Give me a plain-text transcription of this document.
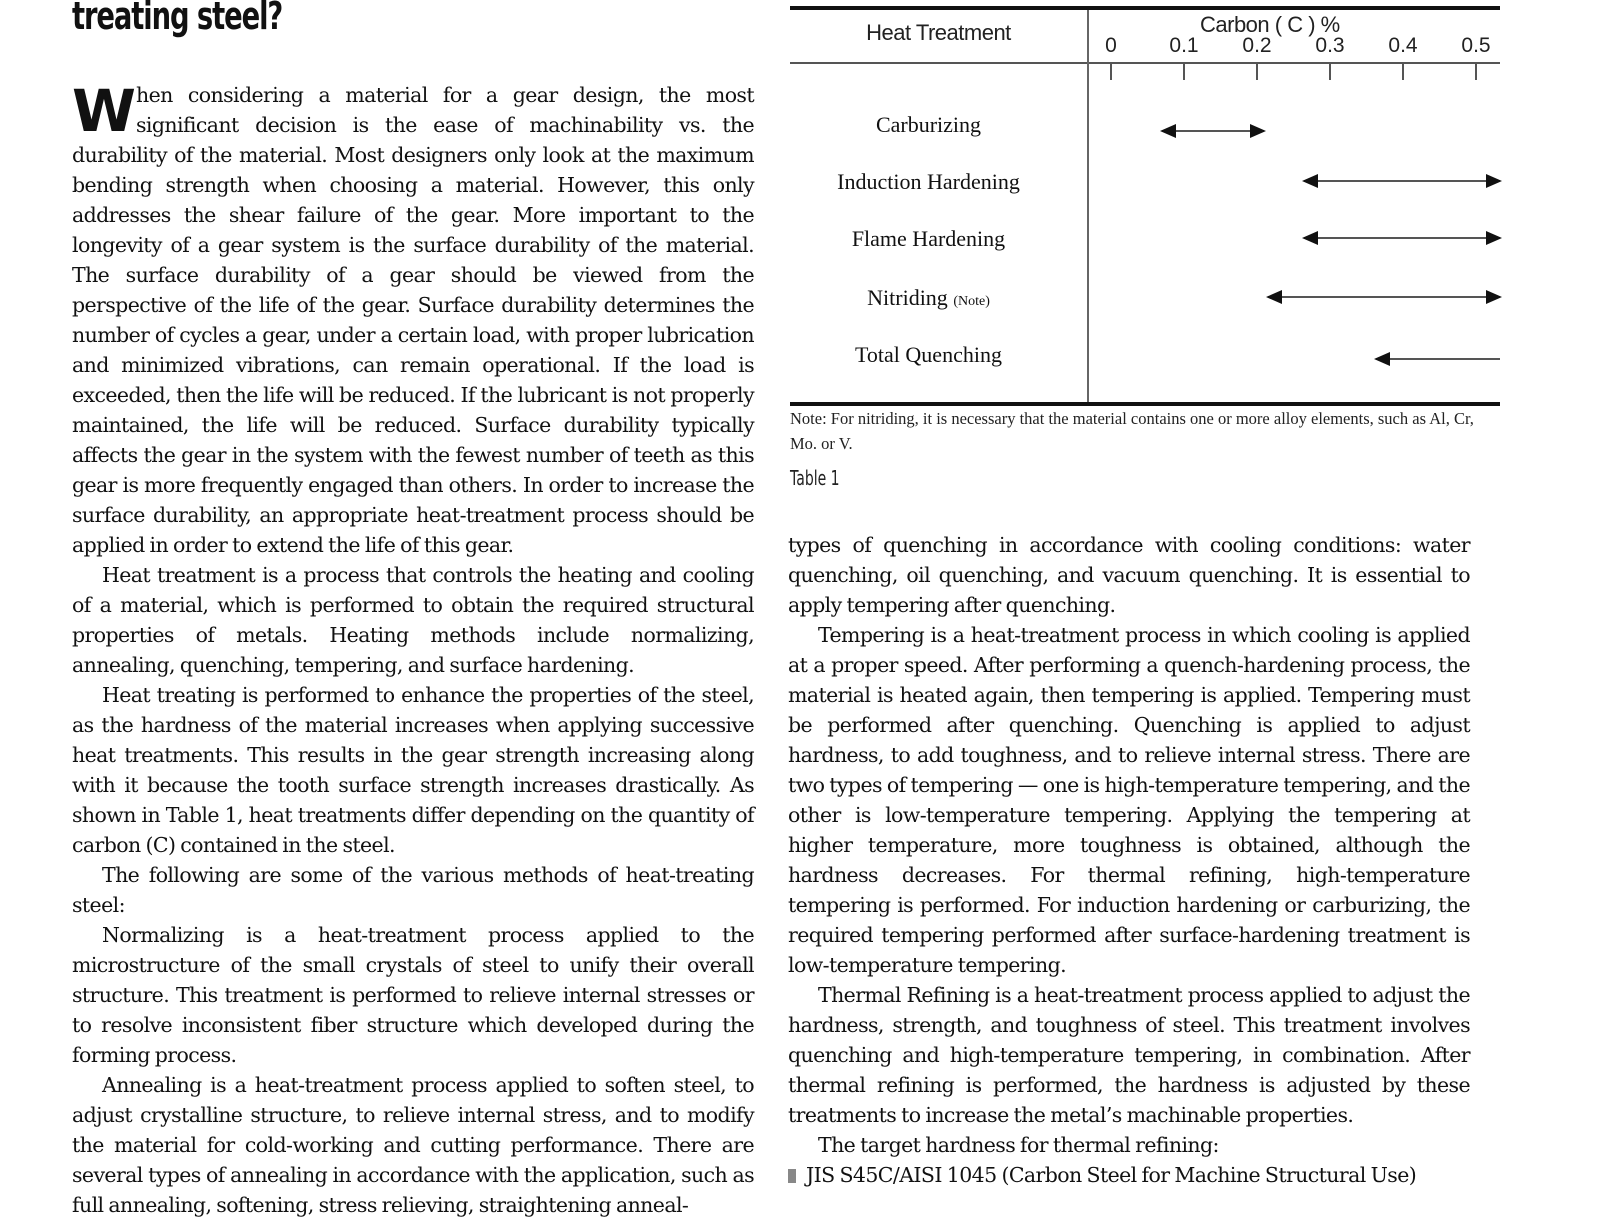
treating steel?

When considering a material for a gear design, the most significant decision is the ease of machinability vs. the durability of the material. Most designers only look at the maximum bending strength when choosing a material. However, this only addresses the shear failure of the gear. More important to the longevity of a gear system is the surface durability of the material. The surface durability of a gear should be viewed from the perspective of the life of the gear. Surface durability determines the number of cycles a gear, under a certain load, with proper lubrication and minimized vibrations, can remain operational. If the load is exceeded, then the life will be reduced. If the lubricant is not properly maintained, the life will be reduced. Surface durability typically affects the gear in the system with the fewest number of teeth as this gear is more frequently engaged than others. In order to increase the surface durability, an appropriate heat-treatment process should be applied in order to extend the life of this gear.

Heat treatment is a process that controls the heating and cooling of a material, which is performed to obtain the required structural properties of metals. Heating methods include normalizing, annealing, quenching, tempering, and surface hardening.

Heat treating is performed to enhance the properties of the steel, as the hardness of the material increases when applying successive heat treatments. This results in the gear strength increasing along with it because the tooth surface strength increases drastically. As shown in Table 1, heat treatments differ depending on the quantity of carbon (C) contained in the steel.

The following are some of the various methods of heat-treating steel:

Normalizing is a heat-treatment process applied to the microstructure of the small crystals of steel to unify their overall structure. This treatment is performed to relieve internal stresses or to resolve inconsistent fiber structure which developed during the forming process.

Annealing is a heat-treatment process applied to soften steel, to adjust crystalline structure, to relieve internal stress, and to modify the material for cold-working and cutting performance. There are several types of annealing in accordance with the application, such as full annealing, softening, stress relieving, straightening anneal-

Heat Treatment	Carbon ( C ) %
0	0.1 0.2 0.3 0.4 0.5
Carburizing
Induction Hardening
Flame Hardening
Nitriding (Note)
Total Quenching
Note: For nitriding, it is necessary that the material contains one or more alloy elements, such as Al, Cr, Mo. or V.
Table 1

types of quenching in accordance with cooling conditions: water quenching, oil quenching, and vacuum quenching. It is essential to apply tempering after quenching.

Tempering is a heat-treatment process in which cooling is applied at a proper speed. After performing a quench-hardening process, the material is heated again, then tempering is applied. Tempering must be performed after quenching. Quenching is applied to adjust hardness, to add toughness, and to relieve internal stress. There are two types of tempering — one is high-temperature tempering, and the other is low-temperature tempering. Applying the tempering at higher temperature, more toughness is obtained, although the hardness decreases. For thermal refining, high-temperature tempering is performed. For induction hardening or carburizing, the required tempering performed after surface-hardening treatment is low-temperature tempering.

Thermal Refining is a heat-treatment process applied to adjust the hardness, strength, and toughness of steel. This treatment involves quenching and high-temperature tempering, in combination. After thermal refining is performed, the hardness is adjusted by these treatments to increase the metal’s machinable properties.

The target hardness for thermal refining:

JIS S45C/AISI 1045 (Carbon Steel for Machine Structural Use)
